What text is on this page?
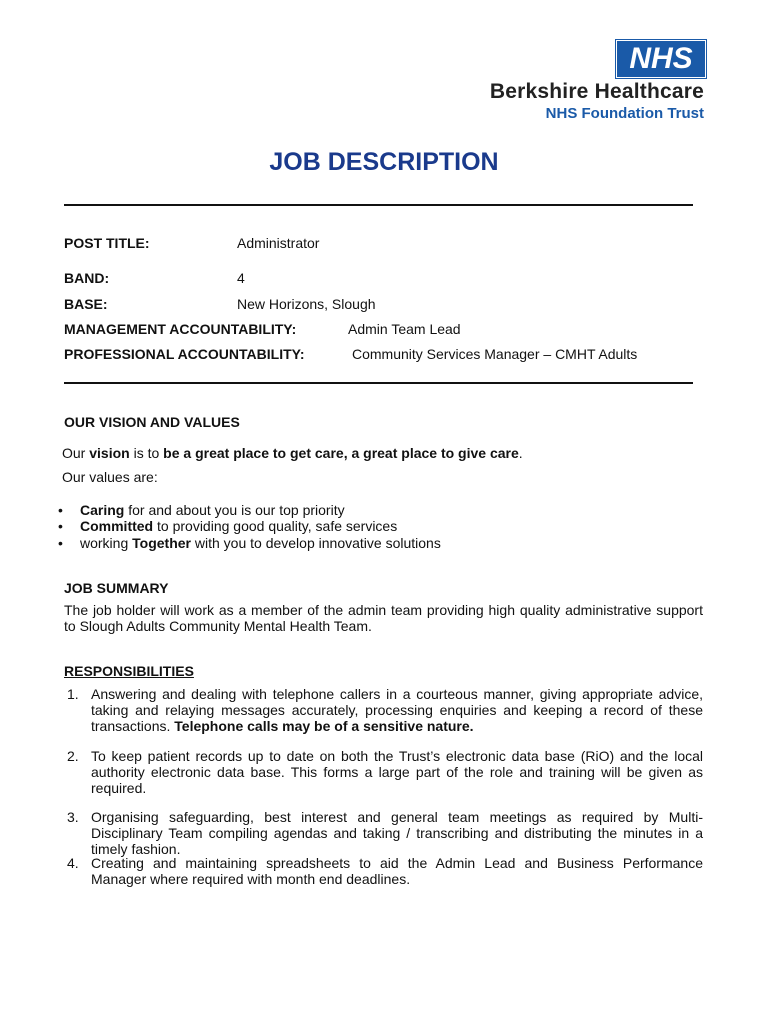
NHS
Berkshire Healthcare
NHS Foundation Trust
JOB DESCRIPTION
POST TITLE:	Administrator
BAND:	4
BASE:	New Horizons, Slough
MANAGEMENT ACCOUNTABILITY:	Admin Team Lead
PROFESSIONAL ACCOUNTABILITY:	Community Services Manager – CMHT Adults
OUR VISION AND VALUES
Our vision is to be a great place to get care, a great place to give care.
Our values are:
• Caring for and about you is our top priority
• Committed to providing good quality, safe services
• working Together with you to develop innovative solutions
JOB SUMMARY
The job holder will work as a member of the admin team providing high quality administrative support to Slough Adults Community Mental Health Team.
RESPONSIBILITIES
1. Answering and dealing with telephone callers in a courteous manner, giving appropriate advice, taking and relaying messages accurately, processing enquiries and keeping a record of these transactions. Telephone calls may be of a sensitive nature.
2. To keep patient records up to date on both the Trust’s electronic data base (RiO) and the local authority electronic data base. This forms a large part of the role and training will be given as required.
3. Organising safeguarding, best interest and general team meetings as required by Multi-Disciplinary Team compiling agendas and taking / transcribing and distributing the minutes in a timely fashion.
4. Creating and maintaining spreadsheets to aid the Admin Lead and Business Performance Manager where required with month end deadlines.
